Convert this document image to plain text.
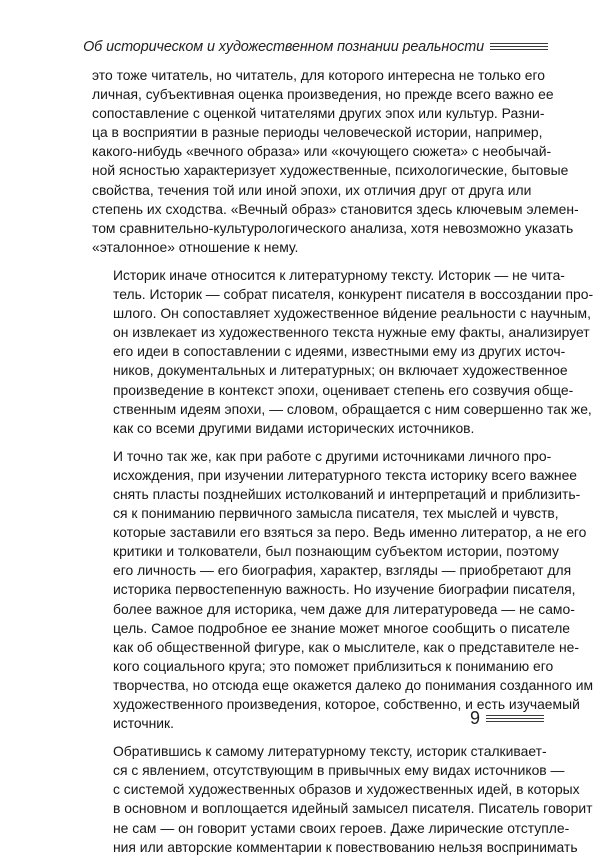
Об историческом и художественном познании реальности

это тоже читатель, но читатель, для которого интересна не только его
личная, субъективная оценка произведения, но прежде всего важно ее
сопоставление с оценкой читателями других эпох или культур. Разни-
ца в восприятии в разные периоды человеческой истории, например,
какого-нибудь «вечного образа» или «кочующего сюжета» с необычай-
ной ясностью характеризует художественные, психологические, бытовые
свойства, течения той или иной эпохи, их отличия друг от друга или
степень их сходства. «Вечный образ» становится здесь ключевым элемен-
том сравнительно-культурологического анализа, хотя невозможно указать
«эталонное» отношение к нему.

Историк иначе относится к литературному тексту. Историк — не чита-
тель. Историк — собрат писателя, конкурент писателя в воссоздании про-
шлого. Он сопоставляет художественное ви́дение реальности с научным,
он извлекает из художественного текста нужные ему факты, анализирует
его идеи в сопоставлении с идеями, известными ему из других источ-
ников, документальных и литературных; он включает художественное
произведение в контекст эпохи, оценивает степень его созвучия обще-
ственным идеям эпохи, — словом, обращается с ним совершенно так же,
как со всеми другими видами исторических источников.

И точно так же, как при работе с другими источниками личного про-
исхождения, при изучении литературного текста историку всего важнее
снять пласты позднейших истолкований и интерпретаций и приблизить-
ся к пониманию первичного замысла писателя, тех мыслей и чувств,
которые заставили его взяться за перо. Ведь именно литератор, а не его
критики и толкователи, был познающим субъектом истории, поэтому
его личность — его биография, характер, взгляды — приобретают для
историка первостепенную важность. Но изучение биографии писателя,
более важное для историка, чем даже для литературоведа — не само-
цель. Самое подробное ее знание может многое сообщить о писателе
как об общественной фигуре, как о мыслителе, как о представителе не-
кого социального круга; это поможет приблизиться к пониманию его
творчества, но отсюда еще окажется далеко до понимания созданного им
художественного произведения, которое, собственно, и есть изучаемый
источник.

Обратившись к самому литературному тексту, историк сталкивает-
ся с явлением, отсутствующим в привычных ему видах источников —
с системой художественных образов и художественных идей, в которых
в основном и воплощается идейный замысел писателя. Писатель говорит
не сам — он говорит устами своих героев. Даже лирические отступле-
ния или авторские комментарии к повествованию нельзя воспринимать

9
